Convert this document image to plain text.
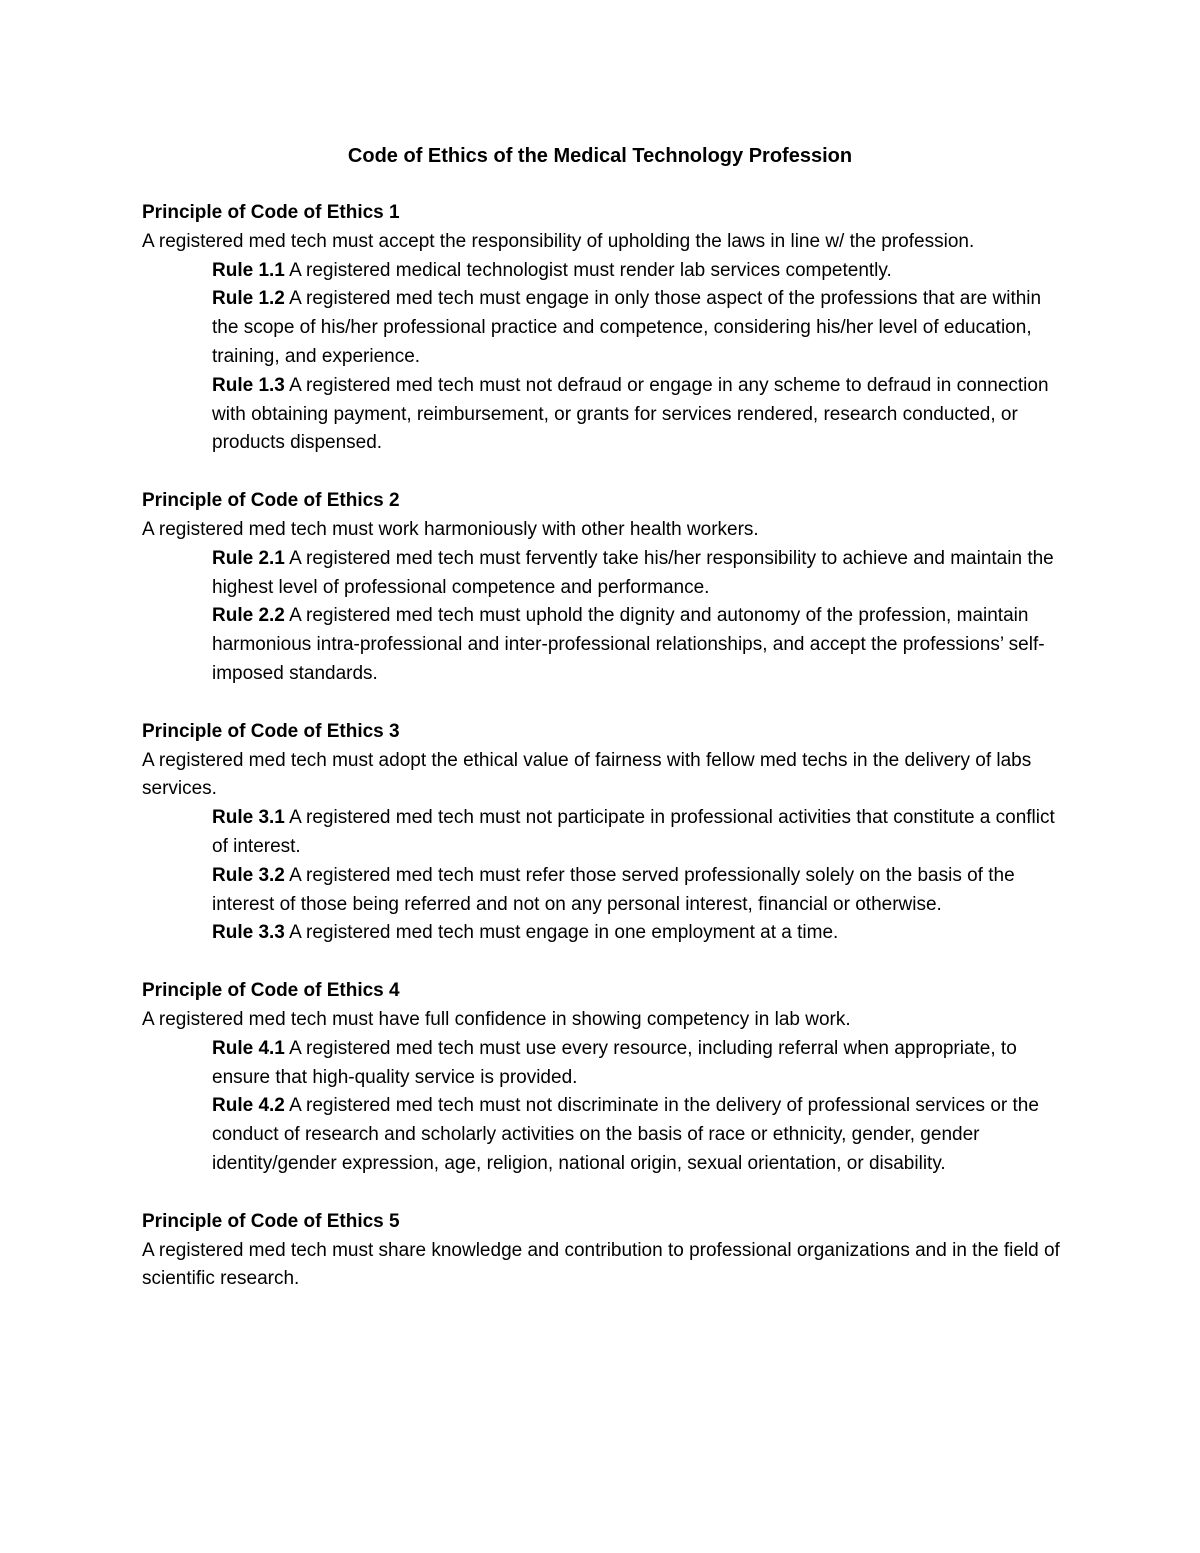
Code of Ethics of the Medical Technology Profession

Principle of Code of Ethics 1

A registered med tech must accept the responsibility of upholding the laws in line w/ the profession.

Rule 1.1 A registered medical technologist must render lab services competently.
Rule 1.2 A registered med tech must engage in only those aspect of the professions that are within the scope of his/her professional practice and competence, considering his/her level of education, training, and experience.
Rule 1.3 A registered med tech must not defraud or engage in any scheme to defraud in connection with obtaining payment, reimbursement, or grants for services rendered, research conducted, or products dispensed.

Principle of Code of Ethics 2

A registered med tech must work harmoniously with other health workers.

Rule 2.1 A registered med tech must fervently take his/her responsibility to achieve and maintain the highest level of professional competence and performance.
Rule 2.2 A registered med tech must uphold the dignity and autonomy of the profession, maintain harmonious intra-professional and inter-professional relationships, and accept the professions’ self-imposed standards.

Principle of Code of Ethics 3

A registered med tech must adopt the ethical value of fairness with fellow med techs in the delivery of labs services.

Rule 3.1 A registered med tech must not participate in professional activities that constitute a conflict of interest.
Rule 3.2 A registered med tech must refer those served professionally solely on the basis of the interest of those being referred and not on any personal interest, financial or otherwise.
Rule 3.3 A registered med tech must engage in one employment at a time.

Principle of Code of Ethics 4

A registered med tech must have full confidence in showing competency in lab work.

Rule 4.1 A registered med tech must use every resource, including referral when appropriate, to ensure that high-quality service is provided.
Rule 4.2 A registered med tech must not discriminate in the delivery of professional services or the conduct of research and scholarly activities on the basis of race or ethnicity, gender, gender identity/gender expression, age, religion, national origin, sexual orientation, or disability.

Principle of Code of Ethics 5

A registered med tech must share knowledge and contribution to professional organizations and in the field of scientific research.
